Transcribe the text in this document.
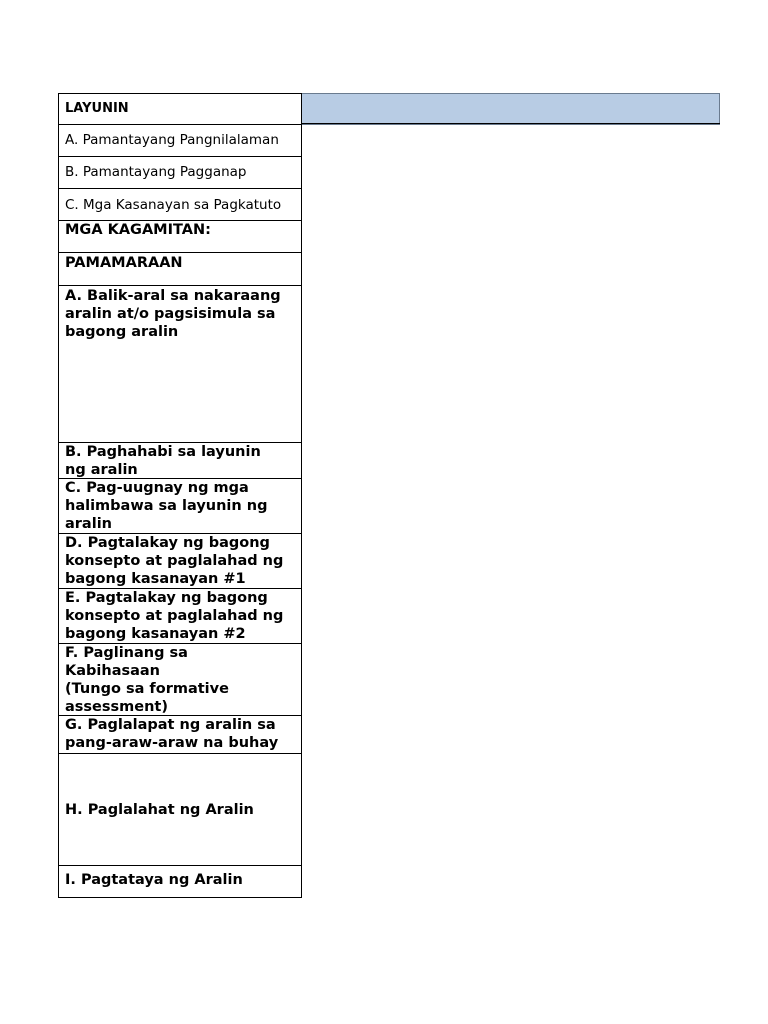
LAYUNIN
A. Pamantayang Pangnilalaman
B. Pamantayang Pagganap
C. Mga Kasanayan sa Pagkatuto
MGA KAGAMITAN:
PAMAMARAAN
A. Balik-aral sa nakaraang
aralin at/o pagsisimula sa
bagong aralin
B. Paghahabi sa layunin
ng aralin
C. Pag-uugnay ng mga
halimbawa sa layunin ng
aralin
D. Pagtalakay ng bagong
konsepto at paglalahad ng
bagong kasanayan #1
E. Pagtalakay ng bagong
konsepto at paglalahad ng
bagong kasanayan #2
F. Paglinang sa
Kabihasaan
(Tungo sa formative
assessment)
G. Paglalapat ng aralin sa
pang-araw-araw na buhay
H. Paglalahat ng Aralin
I. Pagtataya ng Aralin
